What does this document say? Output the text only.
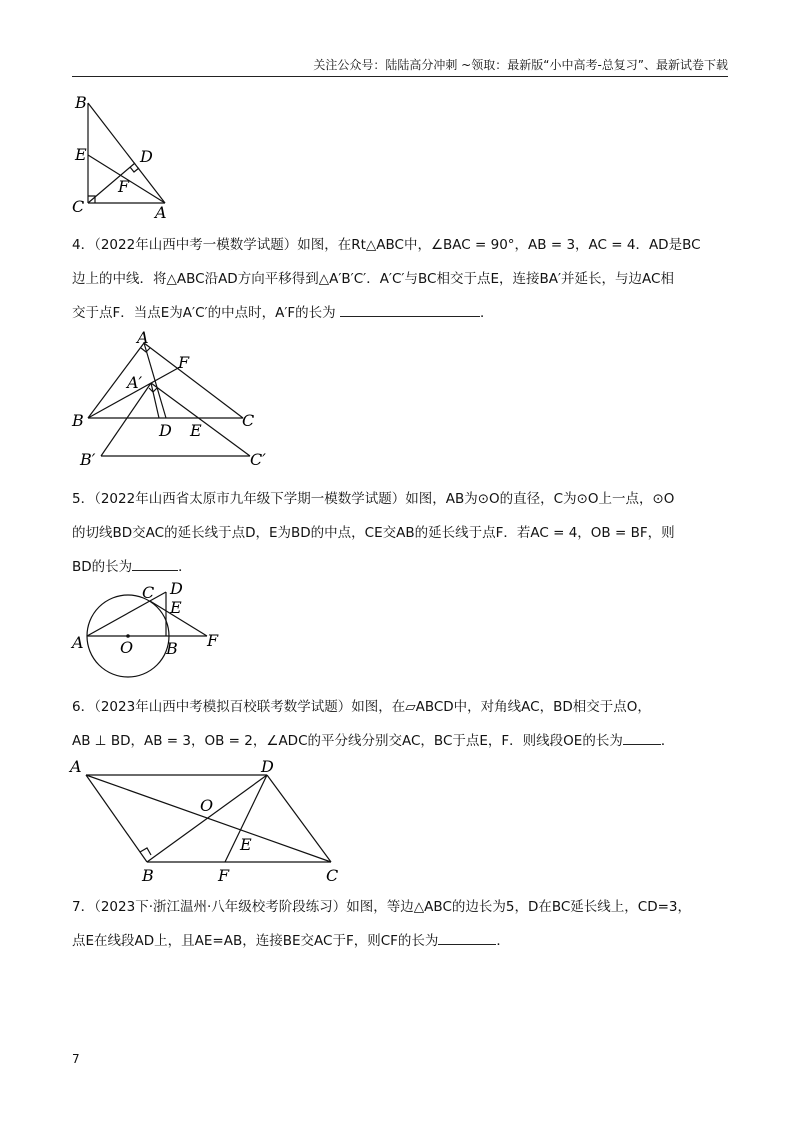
关注公众号：陆陆高分冲刺 ~领取：最新版“小中高考-总复习”、最新试卷下载
B
E	D
F
C	A
4．（2022年山西中考一模数学试题）如图，在Rt△ABC中，∠BAC = 90°，AB = 3，AC = 4．AD是BC
边上的中线．将△ABC沿AD方向平移得到△A′B′C′．A′C′与BC相交于点E，连接BA′并延长，与边AC相
交于点F．当点E为A′C′的中点时，A′F的长为	．
A
F
A′
B	C
D E
B′	C′
5．（2022年山西省太原市九年级下学期一模数学试题）如图，AB为⊙O的直径，C为⊙O上一点，⊙O
的切线BD交AC的延长线于点D，E为BD的中点，CE交AB的延长线于点F．若AC = 4，OB = BF，则
BD的长为	．
C D
E
A O B F
6．（2023年山西中考模拟百校联考数学试题）如图，在▱ABCD中，对角线AC，BD相交于点O，
AB ⊥ BD，AB = 3，OB = 2，∠ADC的平分线分别交AC，BC于点E，F．则线段OE的长为	．
A	D
O
E
B	F	C
7．（2023下·浙江温州·八年级校考阶段练习）如图，等边△ABC的边长为5，D在BC延长线上，CD=3，
点E在线段AD上，且AE=AB，连接BE交AC于F，则CF的长为	．
7
